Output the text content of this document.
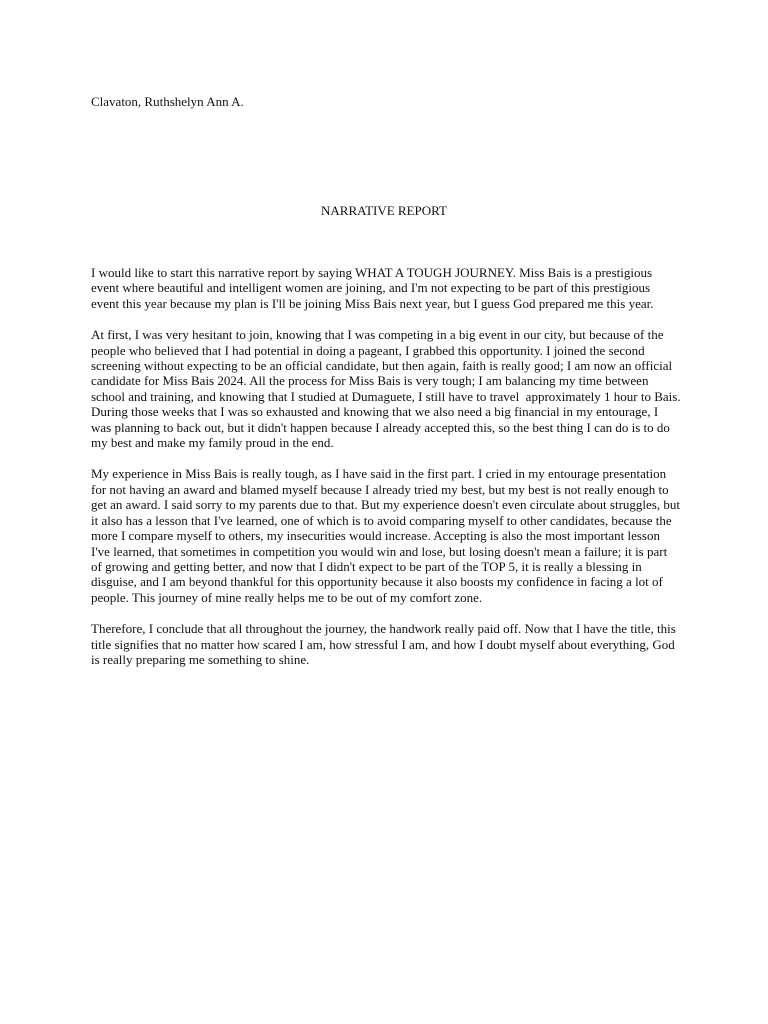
Clavaton, Ruthshelyn Ann A.

NARRATIVE REPORT

I would like to start this narrative report by saying WHAT A TOUGH JOURNEY. Miss Bais is a prestigious event where beautiful and intelligent women are joining, and I'm not expecting to be part of this prestigious event this year because my plan is I'll be joining Miss Bais next year, but I guess God prepared me this year.

At first, I was very hesitant to join, knowing that I was competing in a big event in our city, but because of the people who believed that I had potential in doing a pageant, I grabbed this opportunity. I joined the second screening without expecting to be an official candidate, but then again, faith is really good; I am now an official candidate for Miss Bais 2024. All the process for Miss Bais is very tough; I am balancing my time between school and training, and knowing that I studied at Dumaguete, I still have to travel  approximately 1 hour to Bais. During those weeks that I was so exhausted and knowing that we also need a big financial in my entourage, I was planning to back out, but it didn't happen because I already accepted this, so the best thing I can do is to do my best and make my family proud in the end.

My experience in Miss Bais is really tough, as I have said in the first part. I cried in my entourage presentation for not having an award and blamed myself because I already tried my best, but my best is not really enough to get an award. I said sorry to my parents due to that. But my experience doesn't even circulate about struggles, but it also has a lesson that I've learned, one of which is to avoid comparing myself to other candidates, because the more I compare myself to others, my insecurities would increase. Accepting is also the most important lesson I've learned, that sometimes in competition you would win and lose, but losing doesn't mean a failure; it is part of growing and getting better, and now that I didn't expect to be part of the TOP 5, it is really a blessing in disguise, and I am beyond thankful for this opportunity because it also boosts my confidence in facing a lot of people. This journey of mine really helps me to be out of my comfort zone.

Therefore, I conclude that all throughout the journey, the handwork really paid off. Now that I have the title, this title signifies that no matter how scared I am, how stressful I am, and how I doubt myself about everything, God is really preparing me something to shine.
